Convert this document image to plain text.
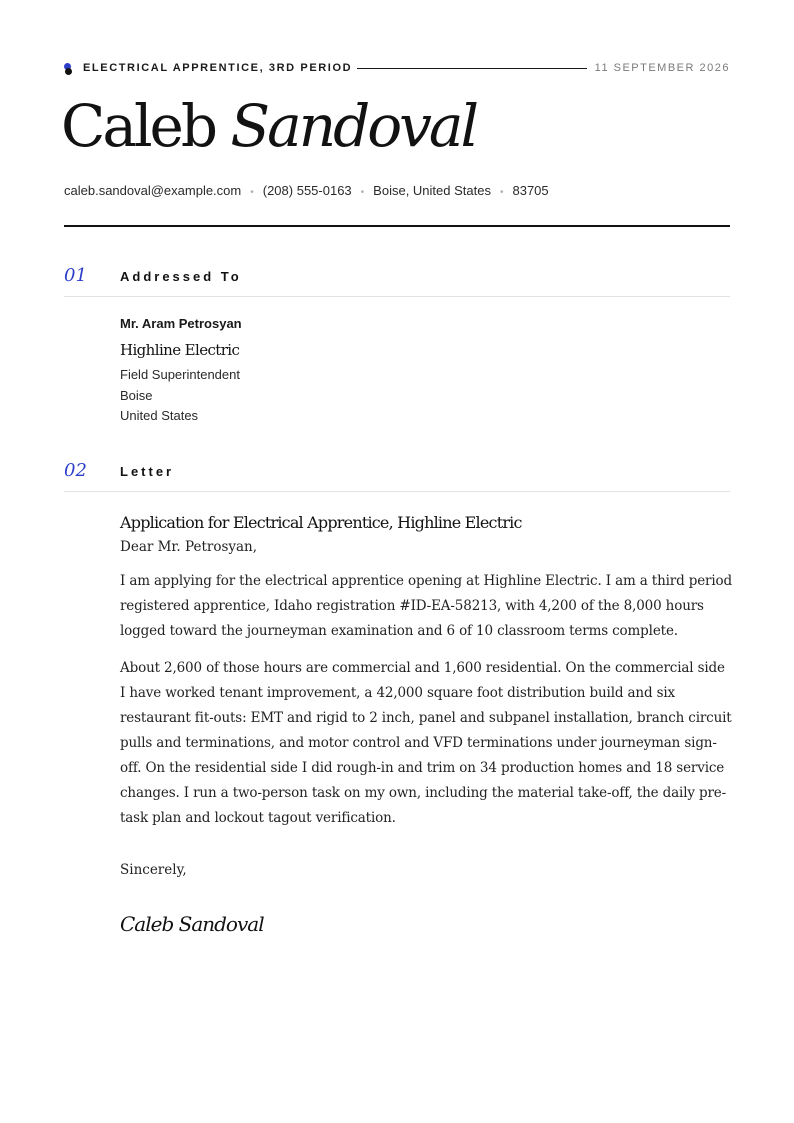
ELECTRICAL APPRENTICE, 3RD PERIOD	11 SEPTEMBER 2026
Caleb Sandoval
caleb.sandoval@example.com • (208) 555-0163 • Boise, United States • 83705
01	Addressed To
Mr. Aram Petrosyan
Highline Electric
Field Superintendent
Boise
United States
02	Letter
Application for Electrical Apprentice, Highline Electric
Dear Mr. Petrosyan,

I am applying for the electrical apprentice opening at Highline Electric. I am a third period registered apprentice, Idaho registration #ID-EA-58213, with 4,200 of the 8,000 hours logged toward the journeyman examination and 6 of 10 classroom terms complete.

About 2,600 of those hours are commercial and 1,600 residential. On the commercial side I have worked tenant improvement, a 42,000 square foot distribution build and six restaurant fit-outs: EMT and rigid to 2 inch, panel and subpanel installation, branch circuit pulls and terminations, and motor control and VFD terminations under journeyman sign-off. On the residential side I did rough-in and trim on 34 production homes and 18 service changes. I run a two-person task on my own, including the material take-off, the daily pre-task plan and lockout tagout verification.

Sincerely,
Caleb Sandoval
